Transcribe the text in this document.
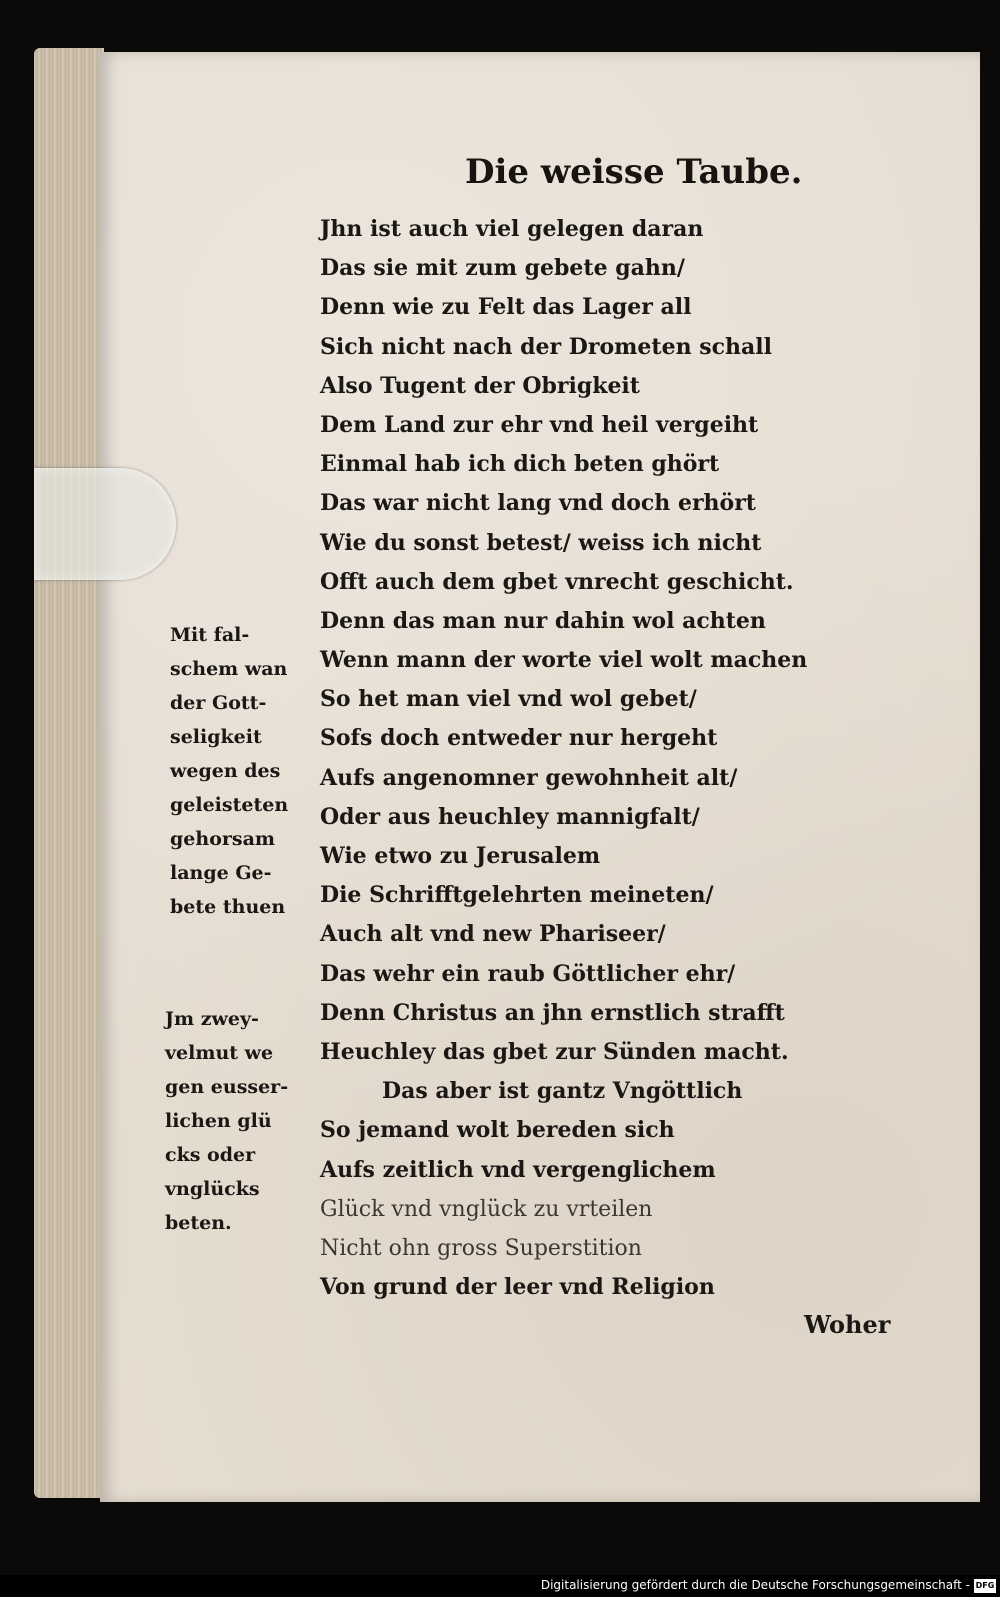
Die weisse Taube.
Jhn ist auch viel gelegen daran
Das sie mit zum gebete gahn/
Denn wie zu Felt das Lager all
Sich nicht nach der Drometen schall
Also Tugent der Obrigkeit
Dem Land zur ehr vnd heil vergeiht
Einmal hab ich dich beten ghört
Das war nicht lang vnd doch erhört
Wie du sonst betest/ weiss ich nicht
Offt auch dem gbet vnrecht geschicht.
Denn das man nur dahin wol achten
Wenn mann der worte viel wolt machen
So het man viel vnd wol gebet/
Sofs doch entweder nur hergeht
Aufs angenomner gewohnheit alt/
Oder aus heuchley mannigfalt/
Wie etwo zu Jerusalem
Die Schrifftgelehrten meineten/
Auch alt vnd new Phariseer/
Das wehr ein raub Göttlicher ehr/
Denn Christus an jhn ernstlich strafft
Heuchley das gbet zur Sünden macht.
Das aber ist gantz Vngöttlich
So jemand wolt bereden sich
Aufs zeitlich vnd vergenglichem
Glück vnd vnglück zu vrteilen
Nicht ohn gross Superstition
Von grund der leer vnd Religion
Mit fal-
schem wan
der Gott-
seligkeit
wegen des
geleisteten
gehorsam
lange Ge-
bete thuen
Jm zwey-
velmut we
gen eusser-
lichen glü
cks oder
vnglücks
beten.
Woher
Digitalisierung gefördert durch die Deutsche Forschungsgemeinschaft - DFG
